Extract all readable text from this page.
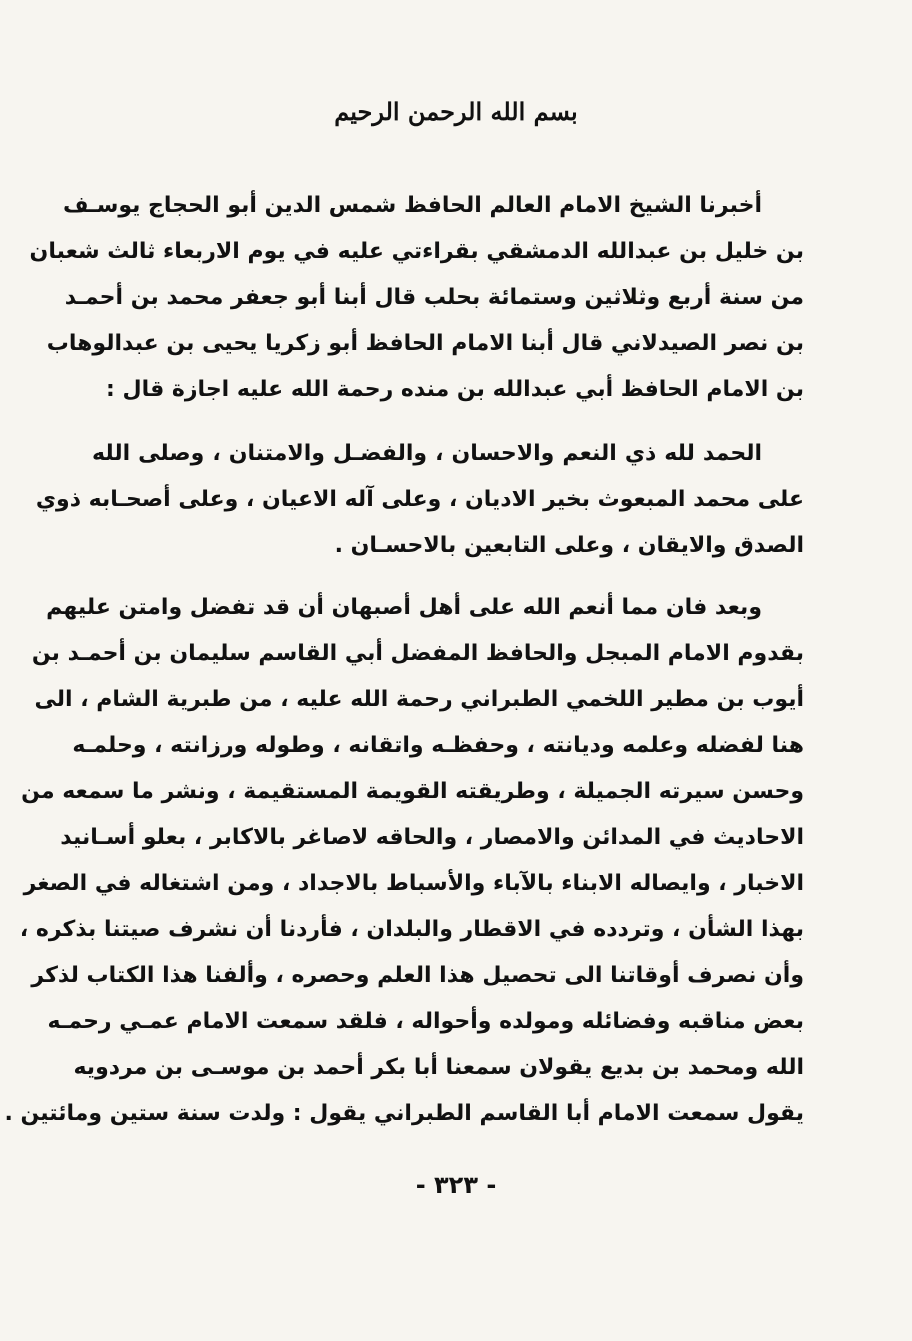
بسم الله الرحمن الرحيم
أخبرنا الشيخ الامام العالم الحافظ شمس الدين أبو الحجاج يوسـف
بن خليل بن عبدالله الدمشقي بقراءتي عليه في يوم الاربعاء ثالث شعبان
من سنة أربع وثلاثين وستمائة بحلب قال أبنا أبو جعفر محمد بن أحمـد
بن نصر الصيدلاني قال أبنا الامام الحافظ أبو زكريا يحيى بن عبدالوهاب
بن الامام الحافظ أبي عبدالله بن منده رحمة الله عليه اجازة قال :
الحمد لله ذي النعم والاحسان ، والفضـل والامتنان ، وصلى الله
على محمد المبعوث بخير الاديان ، وعلى آله الاعيان ، وعلى أصحـابه ذوي
الصدق والايقان ، وعلى التابعين بالاحسـان .
وبعد فان مما أنعم الله على أهل أصبهان أن قد تفضل وامتن عليهم
بقدوم الامام المبجل والحافظ المفضل أبي القاسم سليمان بن أحمـد بن
أيوب بن مطير اللخمي الطبراني رحمة الله عليه ، من طبرية الشام ، الى
هنا لفضله وعلمه وديانته ، وحفظـه واتقانه ، وطوله ورزانته ، وحلمـه
وحسن سيرته الجميلة ، وطريقته القويمة المستقيمة ، ونشر ما سمعه من
الاحاديث في المدائن والامصار ، والحاقه لاصاغر بالاكابر ، بعلو أسـانيد
الاخبار ، وايصاله الابناء بالآباء والأسباط بالاجداد ، ومن اشتغاله في الصغر
بهذا الشأن ، وتردده في الاقطار والبلدان ، فأردنا أن نشرف صيتنا بذكره ،
وأن نصرف أوقاتنا الى تحصيل هذا العلم وحصره ، وألفنا هذا الكتاب لذكر
بعض مناقبه وفضائله ومولده وأحواله ، فلقد سمعت الامام عمـي رحمـه
الله ومحمد بن بديع يقولان سمعنا أبا بكر أحمد بن موسـى بن مردويه
يقول سمعت الامام أبا القاسم الطبراني يقول : ولدت سنة ستين ومائتين .
- ٣٢٣ -
